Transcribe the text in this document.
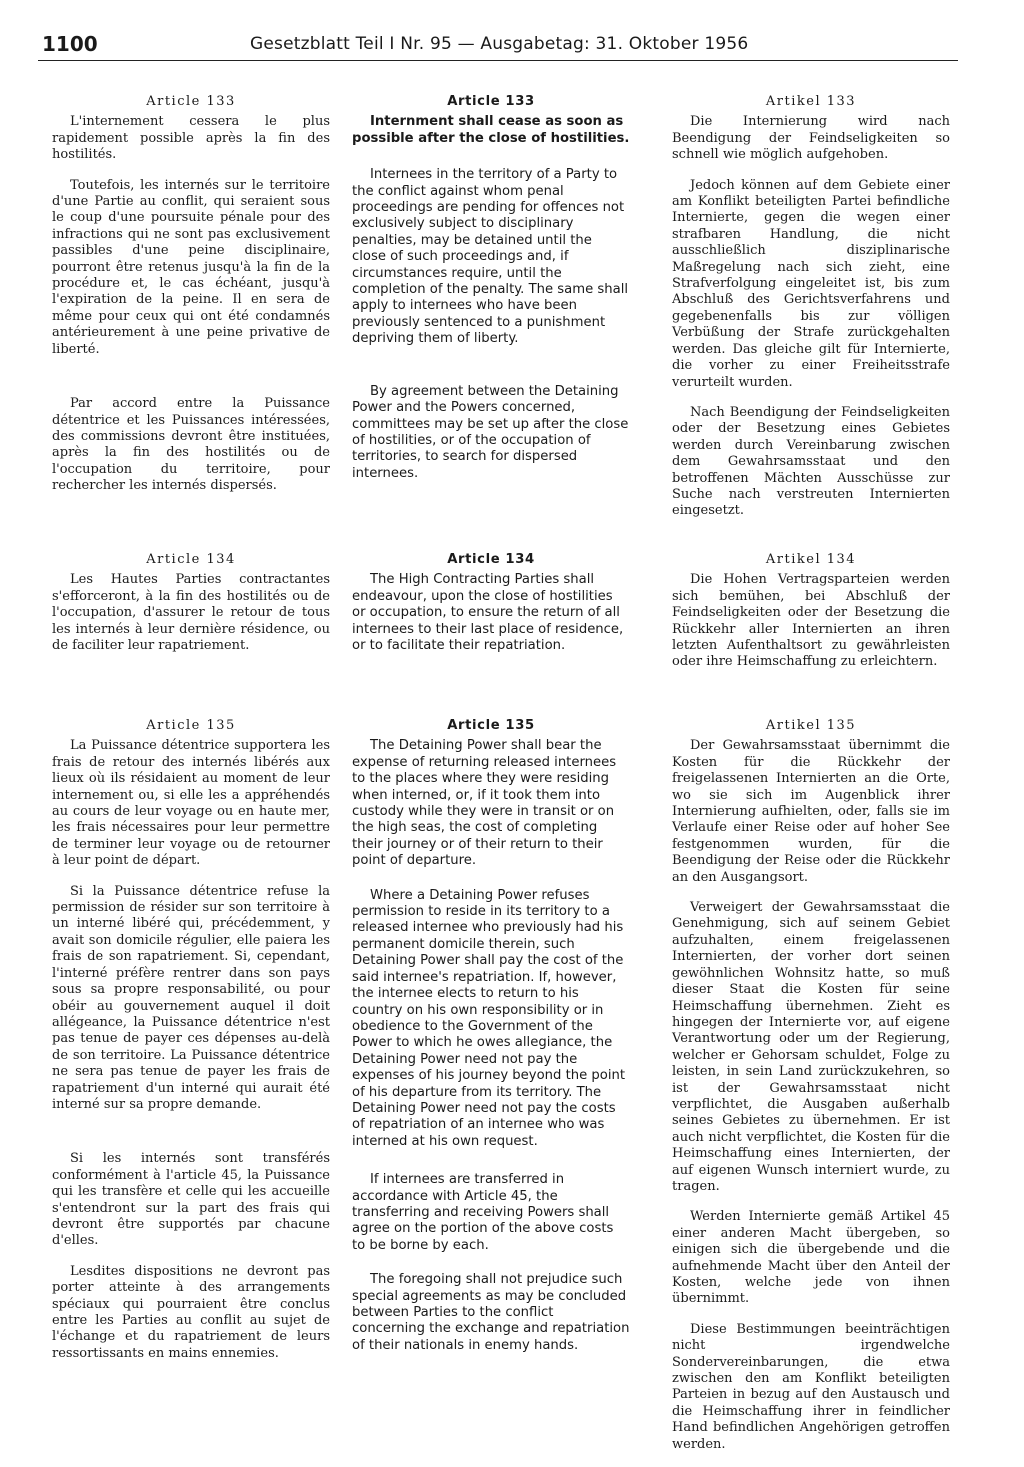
1100	Gesetzblatt Teil I Nr. 95 — Ausgabetag: 31. Oktober 1956
Article 133

L'internement cessera le plus rapidement possible après la fin des hostilités.

Toutefois, les internés sur le territoire d'une Partie au conflit, qui seraient sous le coup d'une poursuite pénale pour des infractions qui ne sont pas exclusivement passibles d'une peine disciplinaire, pourront être retenus jusqu'à la fin de la procédure et, le cas échéant, jusqu'à l'expiration de la peine. Il en sera de même pour ceux qui ont été condamnés antérieurement à une peine privative de liberté.

Par accord entre la Puissance détentrice et les Puissances intéressées, des commissions devront être instituées, après la fin des hostilités ou de l'occupation du territoire, pour rechercher les internés dispersés.

Article 134

Les Hautes Parties contractantes s'efforceront, à la fin des hostilités ou de l'occupation, d'assurer le retour de tous les internés à leur dernière résidence, ou de faciliter leur rapatriement.

Article 135

La Puissance détentrice supportera les frais de retour des internés libérés aux lieux où ils résidaient au moment de leur internement ou, si elle les a appréhendés au cours de leur voyage ou en haute mer, les frais nécessaires pour leur permettre de terminer leur voyage ou de retourner à leur point de départ.

Si la Puissance détentrice refuse la permission de résider sur son territoire à un interné libéré qui, précédemment, y avait son domicile régulier, elle paiera les frais de son rapatriement. Si, cependant, l'interné préfère rentrer dans son pays sous sa propre responsabilité, ou pour obéir au gouvernement auquel il doit allégeance, la Puissance détentrice n'est pas tenue de payer ces dépenses au-delà de son territoire. La Puissance détentrice ne sera pas tenue de payer les frais de rapatriement d'un interné qui aurait été interné sur sa propre demande.

Si les internés sont transférés conformément à l'article 45, la Puissance qui les transfère et celle qui les accueille s'entendront sur la part des frais qui devront être supportés par chacune d'elles.

Lesdites dispositions ne devront pas porter atteinte à des arrangements spéciaux qui pourraient être conclus entre les Parties au conflit au sujet de l'échange et du rapatriement de leurs ressortissants en mains ennemies.

Article 133

Internment shall cease as soon as possible after the close of hostilities.

Internees in the territory of a Party to the conflict against whom penal proceedings are pending for offences not exclusively subject to disciplinary penalties, may be detained until the close of such proceedings and, if circumstances require, until the completion of the penalty. The same shall apply to internees who have been previously sentenced to a punishment depriving them of liberty.

By agreement between the Detaining Power and the Powers concerned, committees may be set up after the close of hostilities, or of the occupation of territories, to search for dispersed internees.

Article 134

The High Contracting Parties shall endeavour, upon the close of hostilities or occupation, to ensure the return of all internees to their last place of residence, or to facilitate their repatriation.

Article 135

The Detaining Power shall bear the expense of returning released internees to the places where they were residing when interned, or, if it took them into custody while they were in transit or on the high seas, the cost of completing their journey or of their return to their point of departure.

Where a Detaining Power refuses permission to reside in its territory to a released internee who previously had his permanent domicile therein, such Detaining Power shall pay the cost of the said internee's repatriation. If, however, the internee elects to return to his country on his own responsibility or in obedience to the Government of the Power to which he owes allegiance, the Detaining Power need not pay the expenses of his journey beyond the point of his departure from its territory. The Detaining Power need not pay the costs of repatriation of an internee who was interned at his own request.

If internees are transferred in accordance with Article 45, the transferring and receiving Powers shall agree on the portion of the above costs to be borne by each.

The foregoing shall not prejudice such special agreements as may be concluded between Parties to the conflict concerning the exchange and repatriation of their nationals in enemy hands.

Artikel 133

Die Internierung wird nach Beendigung der Feindseligkeiten so schnell wie möglich aufgehoben.

Jedoch können auf dem Gebiete einer am Konflikt beteiligten Partei befindliche Internierte, gegen die wegen einer strafbaren Handlung, die nicht ausschließlich disziplinarische Maßregelung nach sich zieht, eine Strafverfolgung eingeleitet ist, bis zum Abschluß des Gerichtsverfahrens und gegebenenfalls bis zur völligen Verbüßung der Strafe zurückgehalten werden. Das gleiche gilt für Internierte, die vorher zu einer Freiheitsstrafe verurteilt wurden.

Nach Beendigung der Feindseligkeiten oder der Besetzung eines Gebietes werden durch Vereinbarung zwischen dem Gewahrsamsstaat und den betroffenen Mächten Ausschüsse zur Suche nach verstreuten Internierten eingesetzt.

Artikel 134

Die Hohen Vertragsparteien werden sich bemühen, bei Abschluß der Feindseligkeiten oder der Besetzung die Rückkehr aller Internierten an ihren letzten Aufenthaltsort zu gewährleisten oder ihre Heimschaffung zu erleichtern.

Artikel 135

Der Gewahrsamsstaat übernimmt die Kosten für die Rückkehr der freigelassenen Internierten an die Orte, wo sie sich im Augenblick ihrer Internierung aufhielten, oder, falls sie im Verlaufe einer Reise oder auf hoher See festgenommen wurden, für die Beendigung der Reise oder die Rückkehr an den Ausgangsort.

Verweigert der Gewahrsamsstaat die Genehmigung, sich auf seinem Gebiet aufzuhalten, einem freigelassenen Internierten, der vorher dort seinen gewöhnlichen Wohnsitz hatte, so muß dieser Staat die Kosten für seine Heimschaffung übernehmen. Zieht es hingegen der Internierte vor, auf eigene Verantwortung oder um der Regierung, welcher er Gehorsam schuldet, Folge zu leisten, in sein Land zurückzukehren, so ist der Gewahrsamsstaat nicht verpflichtet, die Ausgaben außerhalb seines Gebietes zu übernehmen. Er ist auch nicht verpflichtet, die Kosten für die Heimschaffung eines Internierten, der auf eigenen Wunsch interniert wurde, zu tragen.

Werden Internierte gemäß Artikel 45 einer anderen Macht übergeben, so einigen sich die übergebende und die aufnehmende Macht über den Anteil der Kosten, welche jede von ihnen übernimmt.

Diese Bestimmungen beeinträchtigen nicht irgendwelche Sondervereinbarungen, die etwa zwischen den am Konflikt beteiligten Parteien in bezug auf den Austausch und die Heimschaffung ihrer in feindlicher Hand befindlichen Angehörigen getroffen werden.
